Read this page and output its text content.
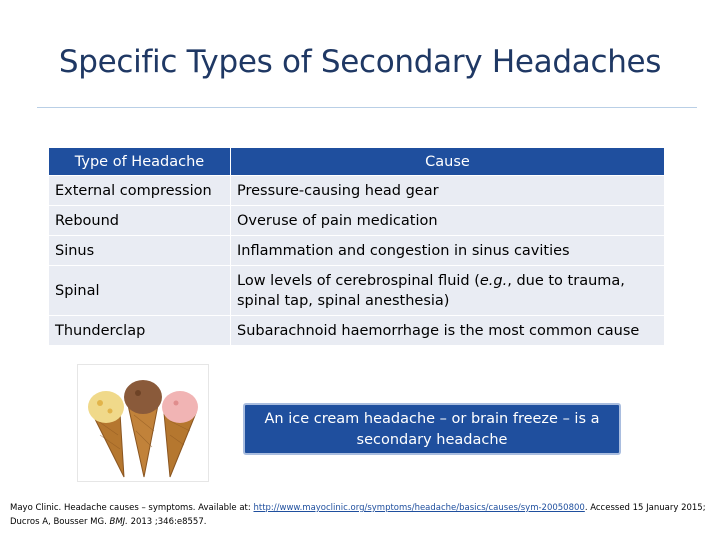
Specific Types of Secondary Headaches
Type of Headache	Cause
External compression	Pressure-causing head gear
Rebound	Overuse of pain medication
Sinus	Inflammation and congestion in sinus cavities
Spinal	Low levels of cerebrospinal fluid (e.g., due to trauma, spinal tap, spinal anesthesia)
Thunderclap	Subarachnoid haemorrhage is the most common cause
An ice cream headache – or brain freeze – is a secondary headache
Mayo Clinic. Headache causes – symptoms. Available at: http://www.mayoclinic.org/symptoms/headache/basics/causes/sym-20050800. Accessed 15 January 2015; Ducros A, Bousser MG. BMJ. 2013 ;346:e8557.
